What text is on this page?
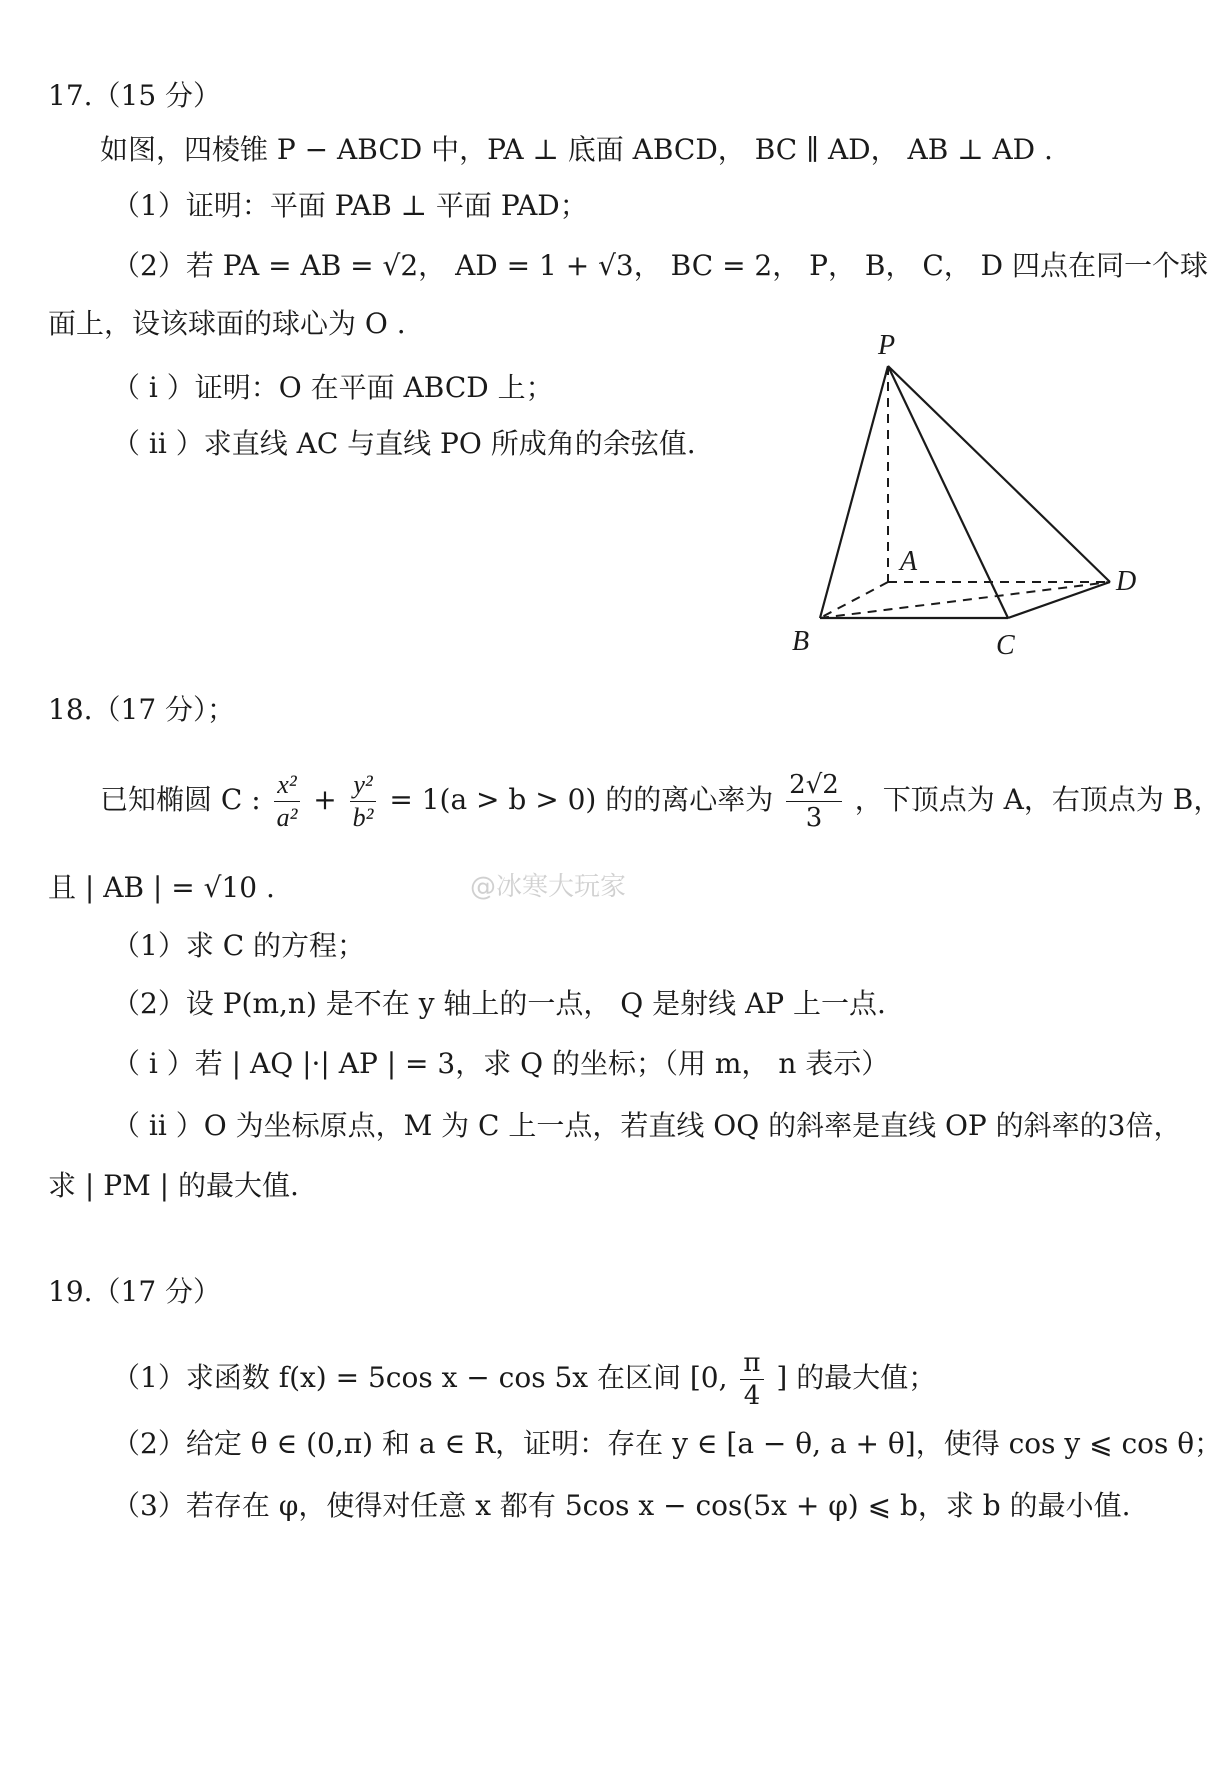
17.（15 分）
如图，四棱锥 P − ABCD 中，PA ⊥ 底面 ABCD， BC ∥ AD， AB ⊥ AD .
（1）证明：平面 PAB ⊥ 平面 PAD；
（2）若 PA = AB = √2， AD = 1 + √3， BC = 2， P， B， C， D 四点在同一个球
面上，设该球面的球心为 O .
（ i ）证明：O 在平面 ABCD 上；
（ ii ）求直线 AC 与直线 PO 所成角的余弦值.
P
A
B	C
D
18.（17 分）；
已知椭圆 C : $\frac{\text{x²}}{\text{a²}} + \frac{\text{y²}}{\text{b²}} = 1(a > b > 0)$ 的的离心率为 $\frac{2√2}{3}$ ，下顶点为 A，右顶点为 B，
且 | AB | = √10 .	@冰寒大玩家
（1）求 C 的方程；
（2）设 P(m,n) 是不在 y 轴上的一点， Q 是射线 AP 上一点.
（ i ）若 | AQ |·| AP | = 3，求 Q 的坐标；（用 m， n 表示）
（ ii ）O 为坐标原点，M 为 C 上一点，若直线 OQ 的斜率是直线 OP 的斜率的3倍，
求 | PM | 的最大值.
19.（17 分）
（1）求函数 f(x) = 5cos x − cos 5x 在区间 [0, $\frac{\pi}{4}$ ] 的最大值；
（2）给定 θ ∈ (0,π) 和 a ∈ R，证明：存在 y ∈ [a − θ, a + θ]，使得 cos y ⩽ cos θ；
（3）若存在 φ，使得对任意 x 都有 5cos x − cos(5x + φ) ⩽ b，求 b 的最小值.
